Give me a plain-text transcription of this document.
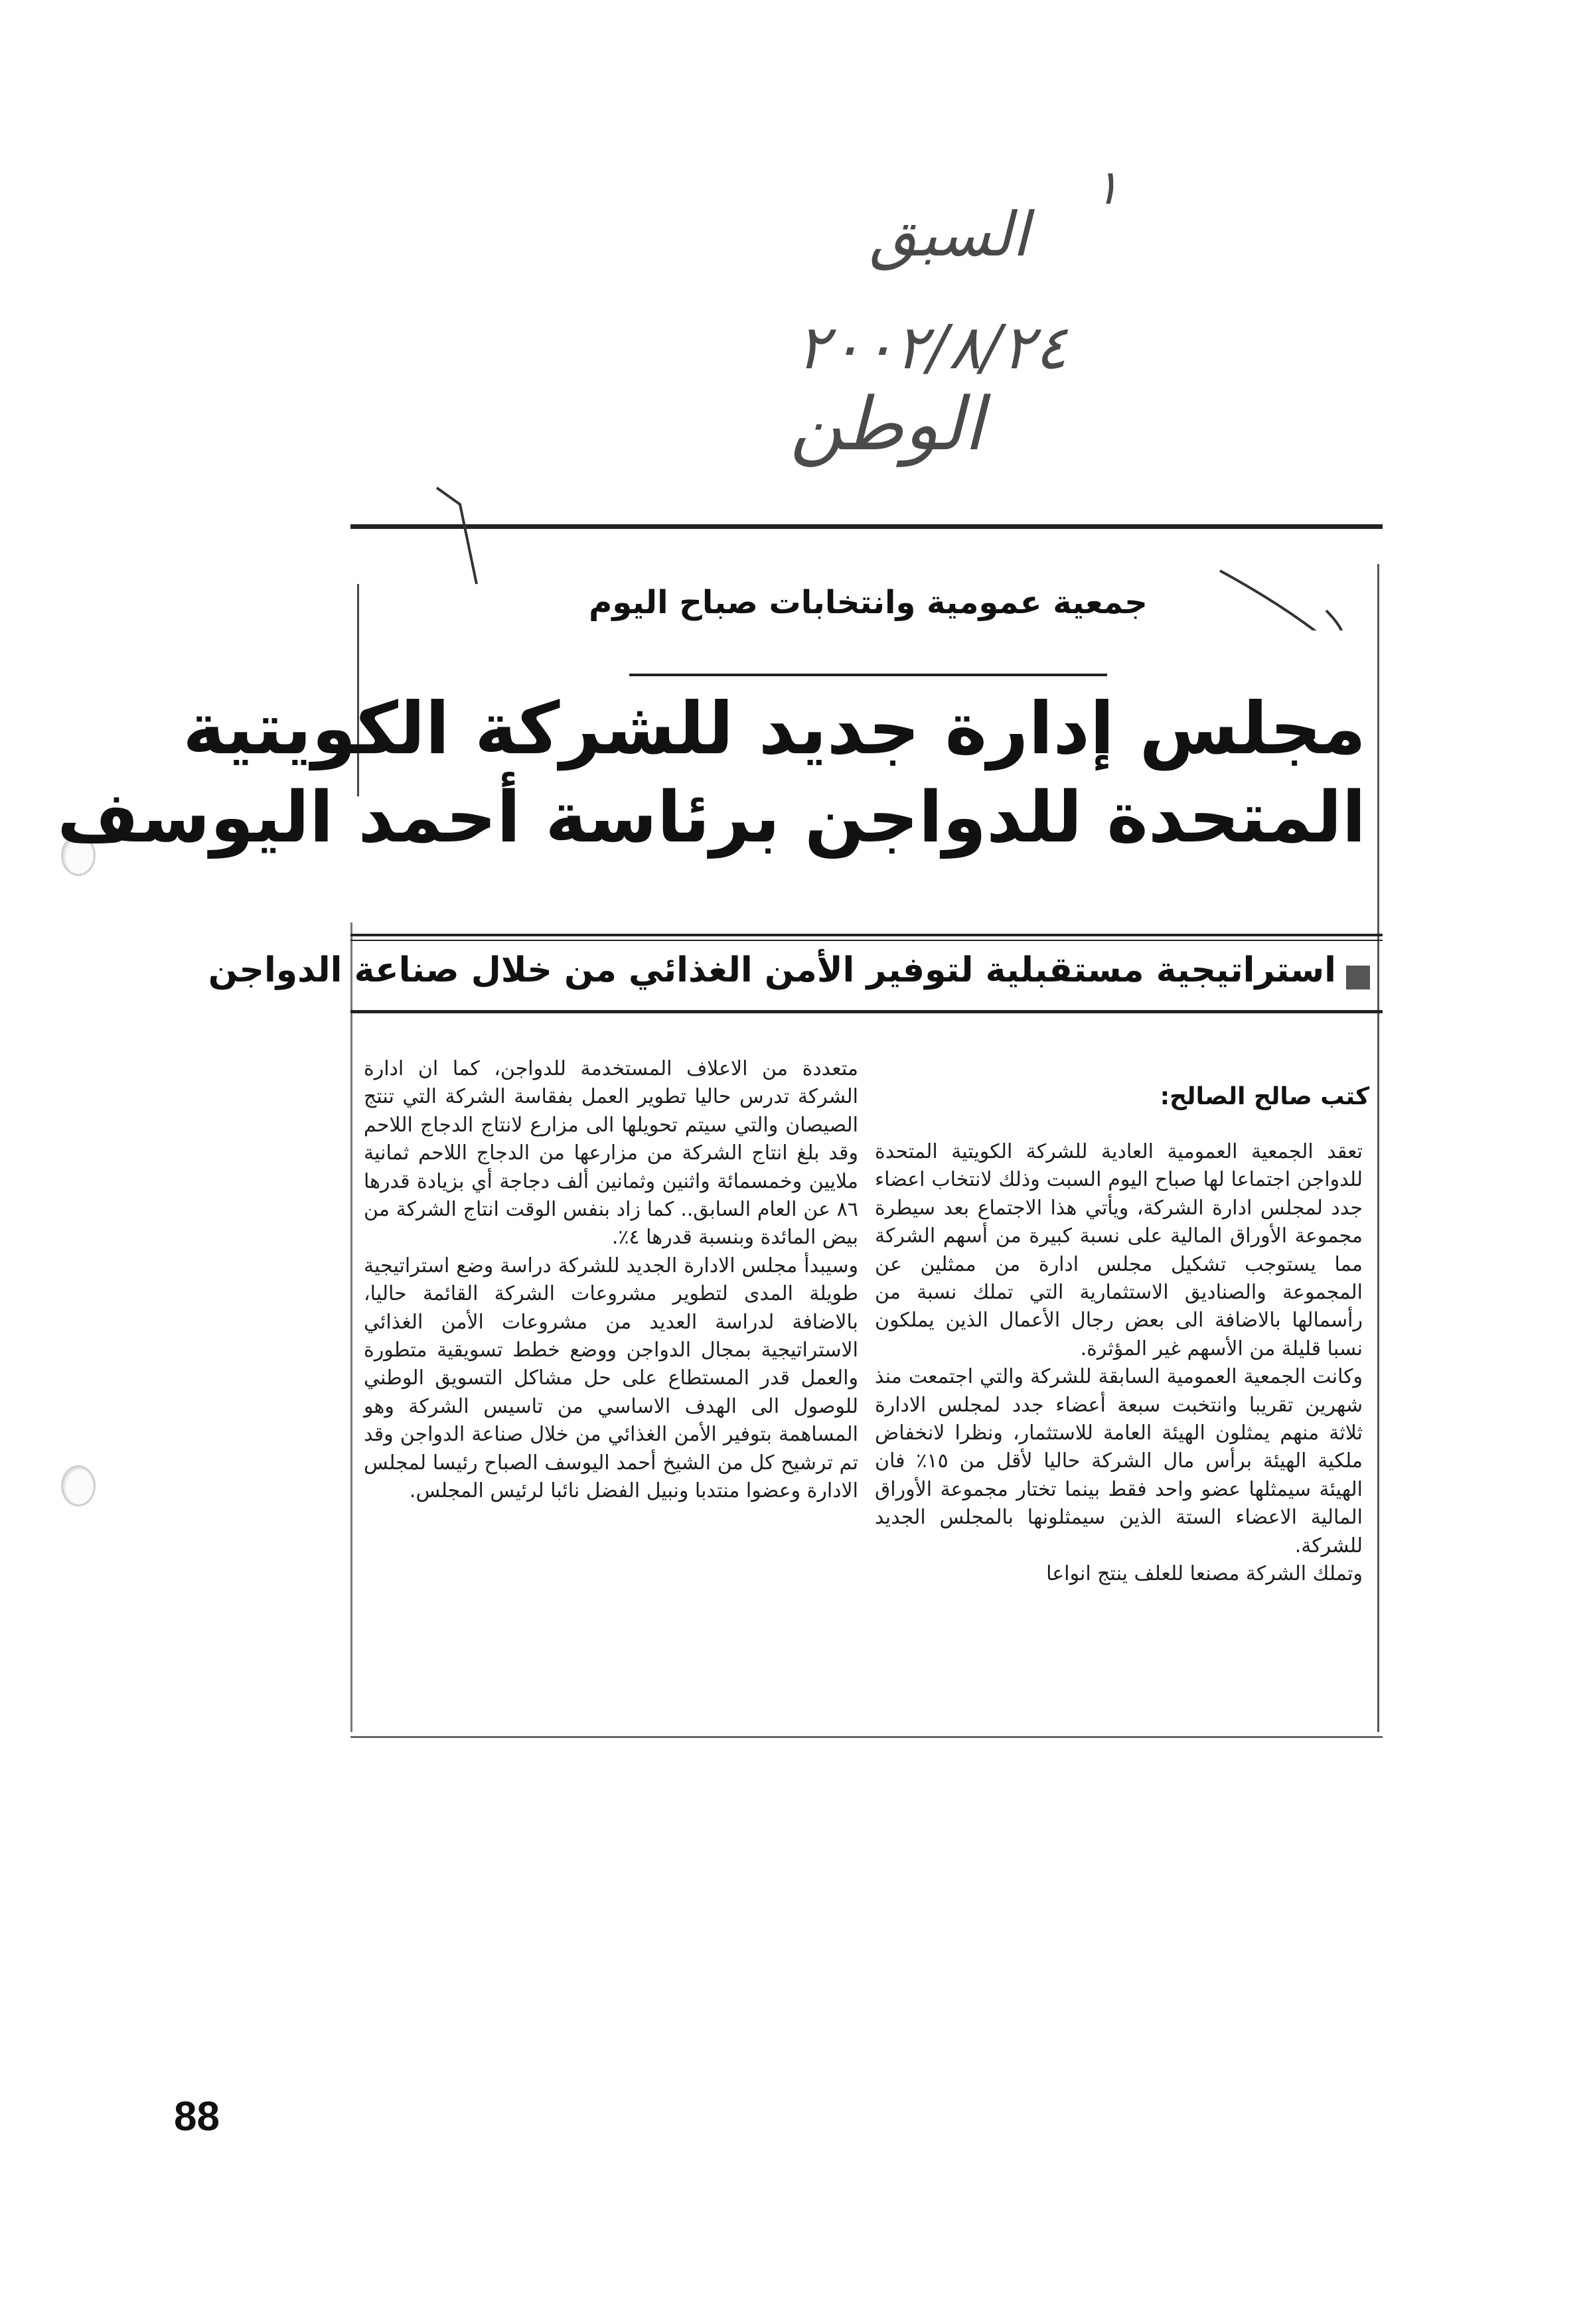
١
السبق
٢٠٠٢/٨/٢٤
الوطن
جمعية عمومية وانتخابات صباح اليوم
مجلس إدارة جديد للشركة الكويتية
المتحدة للدواجن برئاسة أحمد اليوسف
استراتيجية مستقبلية لتوفير الأمن الغذائي من خلال صناعة الدواجن
كتب صالح الصالح:

تعقد الجمعية العمومية العادية للشركة الكويتية المتحدة للدواجن اجتماعا لها صباح اليوم السبت وذلك لانتخاب اعضاء جدد لمجلس ادارة الشركة، ويأتي هذا الاجتماع بعد سيطرة مجموعة الأوراق المالية على نسبة كبيرة من أسهم الشركة مما يستوجب تشكيل مجلس ادارة من ممثلين عن المجموعة والصناديق الاستثمارية التي تملك نسبة من رأسمالها بالاضافة الى بعض رجال الأعمال الذين يملكون نسبا قليلة من الأسهم غير المؤثرة.

وكانت الجمعية العمومية السابقة للشركة والتي اجتمعت منذ شهرين تقريبا وانتخبت سبعة أعضاء جدد لمجلس الادارة ثلاثة منهم يمثلون الهيئة العامة للاستثمار، ونظرا لانخفاض ملكية الهيئة برأس مال الشركة حاليا لأقل من ١٥٪ فان الهيئة سيمثلها عضو واحد فقط بينما تختار مجموعة الأوراق المالية الاعضاء الستة الذين سيمثلونها بالمجلس الجديد للشركة.

وتملك الشركة مصنعا للعلف ينتج انواعا

متعددة من الاعلاف المستخدمة للدواجن، كما ان ادارة الشركة تدرس حاليا تطوير العمل بفقاسة الشركة التي تنتج الصيصان والتي سيتم تحويلها الى مزارع لانتاج الدجاج اللاحم وقد بلغ انتاج الشركة من مزارعها من الدجاج اللاحم ثمانية ملايين وخمسمائة واثنين وثمانين ألف دجاجة أي بزيادة قدرها ٨٦ عن العام السابق.. كما زاد بنفس الوقت انتاج الشركة من بيض المائدة وبنسبة قدرها ٤٪.

وسيبدأ مجلس الادارة الجديد للشركة دراسة وضع استراتيجية طويلة المدى لتطوير مشروعات الشركة القائمة حاليا، بالاضافة لدراسة العديد من مشروعات الأمن الغذائي الاستراتيجية بمجال الدواجن ووضع خطط تسويقية متطورة والعمل قدر المستطاع على حل مشاكل التسويق الوطني للوصول الى الهدف الاساسي من تاسيس الشركة وهو المساهمة بتوفير الأمن الغذائي من خلال صناعة الدواجن وقد تم ترشيح كل من الشيخ أحمد اليوسف الصباح رئيسا لمجلس الادارة وعضوا منتدبا ونبيل الفضل نائبا لرئيس المجلس.

88
